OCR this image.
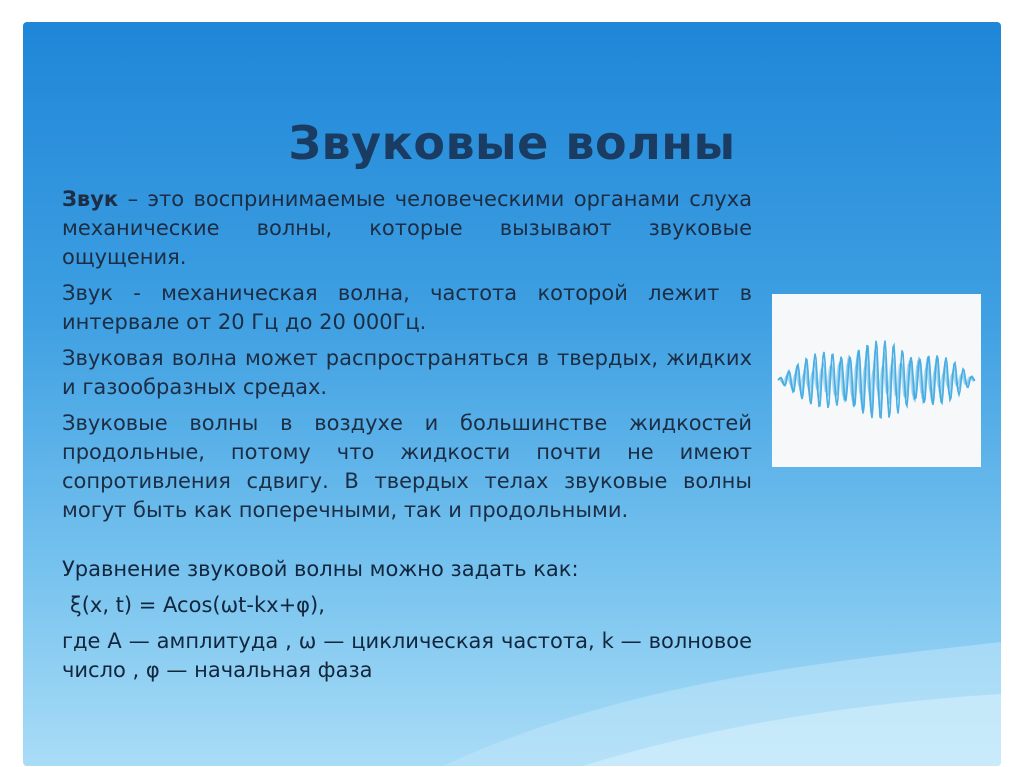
Звуковые волны

Звук – это воспринимаемые человеческими органами слуха механические волны, которые вызывают звуковые ощущения.

Звук - механическая волна, частота которой лежит в интервале от 20 Гц до 20 000Гц.

Звуковая волна может распространяться в твердых, жидких и газообразных средах.

Звуковые волны в воздухе и большинстве жидкостей продольные, потому что жидкости почти не имеют сопротивления сдвигу. В твердых телах звуковые волны могут быть как поперечными, так и продольными.

Уравнение звуковой волны можно задать как:

ξ(x, t) = Acos(ωt-kx+φ),

где A — амплитуда , ω — циклическая частота, k — волновое число , φ — начальная фаза
